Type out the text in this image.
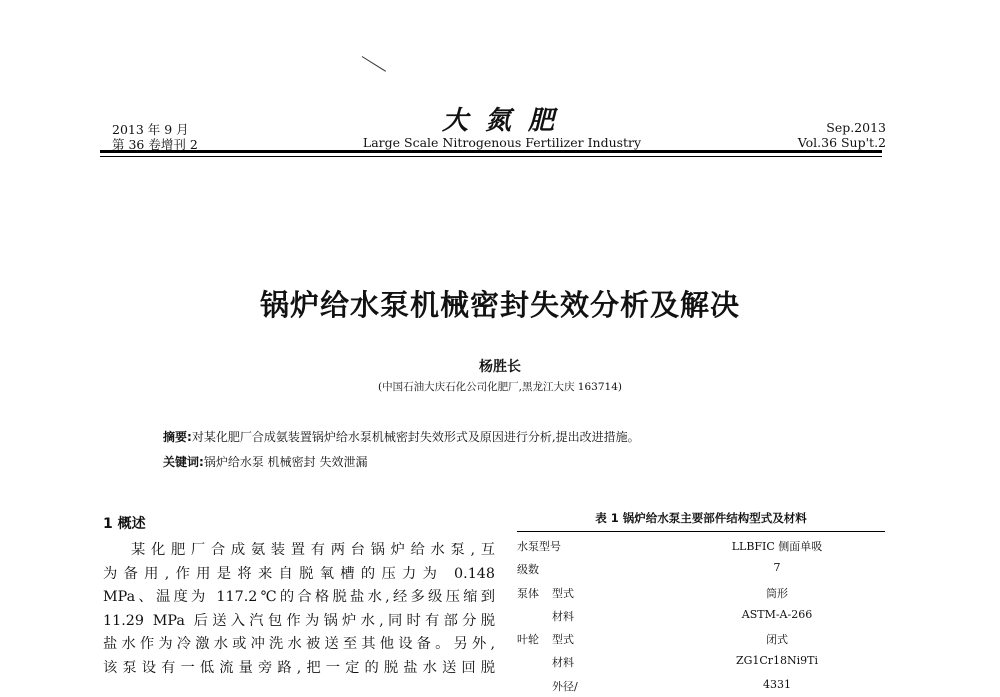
2013 年 9 月
第 36 卷增刊 2
大 氮 肥
Large Scale Nitrogenous Fertilizer Industry
Sep.2013
Vol.36 Sup't.2
锅炉给水泵机械密封失效分析及解决
杨胜长
(中国石油大庆石化公司化肥厂,黑龙江大庆 163714)
摘要:对某化肥厂合成氨装置锅炉给水泵机械密封失效形式及原因进行分析,提出改进措施。
关键词:锅炉给水泵 机械密封 失效泄漏
1 概述

某化肥厂合成氨装置有两台锅炉给水泵,互

为备用,作用是将来自脱氧槽的压力为 0.148

MPa、温度为 117.2℃的合格脱盐水,经多级压缩到

11.29 MPa 后送入汽包作为锅炉水,同时有部分脱

盐水作为冷激水或冲洗水被送至其他设备。另外,

该泵设有一低流量旁路,把一定的脱盐水送回脱

表 1 锅炉给水泵主要部件结构型式及材料
水泵型号	LLBFIC 侧面单吸
级数	7
泵体 型式	筒形
材料	ASTM-A-266
叶轮 型式	闭式
材料	ZG1Cr18Ni9Ti
外径/	4331
